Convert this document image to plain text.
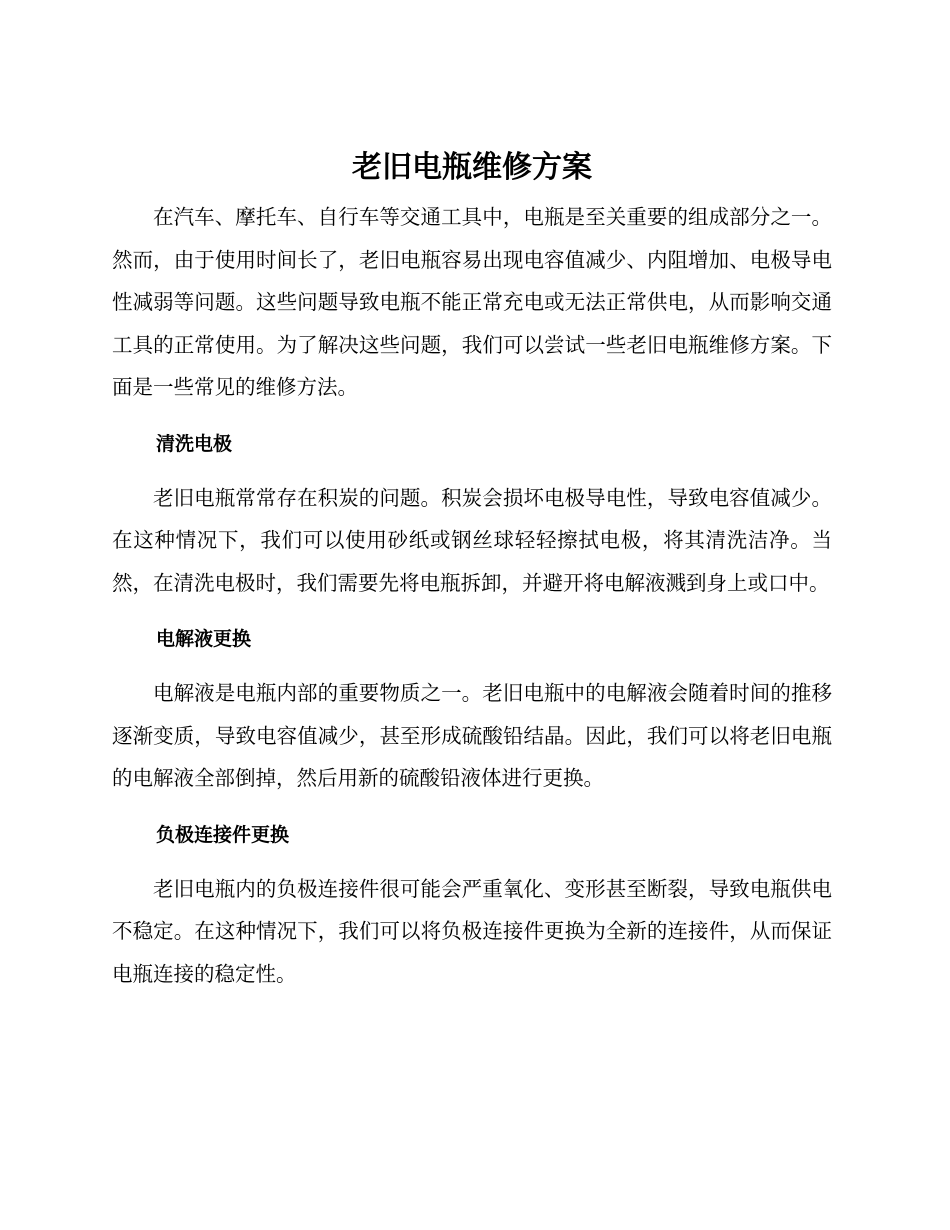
老旧电瓶维修方案

在汽车、摩托车、自行车等交通工具中，电瓶是至关重要的组成部分之一。然而，由于使用时间长了，老旧电瓶容易出现电容值减少、内阻增加、电极导电性减弱等问题。这些问题导致电瓶不能正常充电或无法正常供电，从而影响交通工具的正常使用。为了解决这些问题，我们可以尝试一些老旧电瓶维修方案。下面是一些常见的维修方法。

清洗电极

老旧电瓶常常存在积炭的问题。积炭会损坏电极导电性，导致电容值减少。在这种情况下，我们可以使用砂纸或钢丝球轻轻擦拭电极，将其清洗洁净。当然，在清洗电极时，我们需要先将电瓶拆卸，并避开将电解液溅到身上或口中。

电解液更换

电解液是电瓶内部的重要物质之一。老旧电瓶中的电解液会随着时间的推移逐渐变质，导致电容值减少，甚至形成硫酸铅结晶。因此，我们可以将老旧电瓶的电解液全部倒掉，然后用新的硫酸铅液体进行更换。

负极连接件更换

老旧电瓶内的负极连接件很可能会严重氧化、变形甚至断裂，导致电瓶供电不稳定。在这种情况下，我们可以将负极连接件更换为全新的连接件，从而保证电瓶连接的稳定性。
